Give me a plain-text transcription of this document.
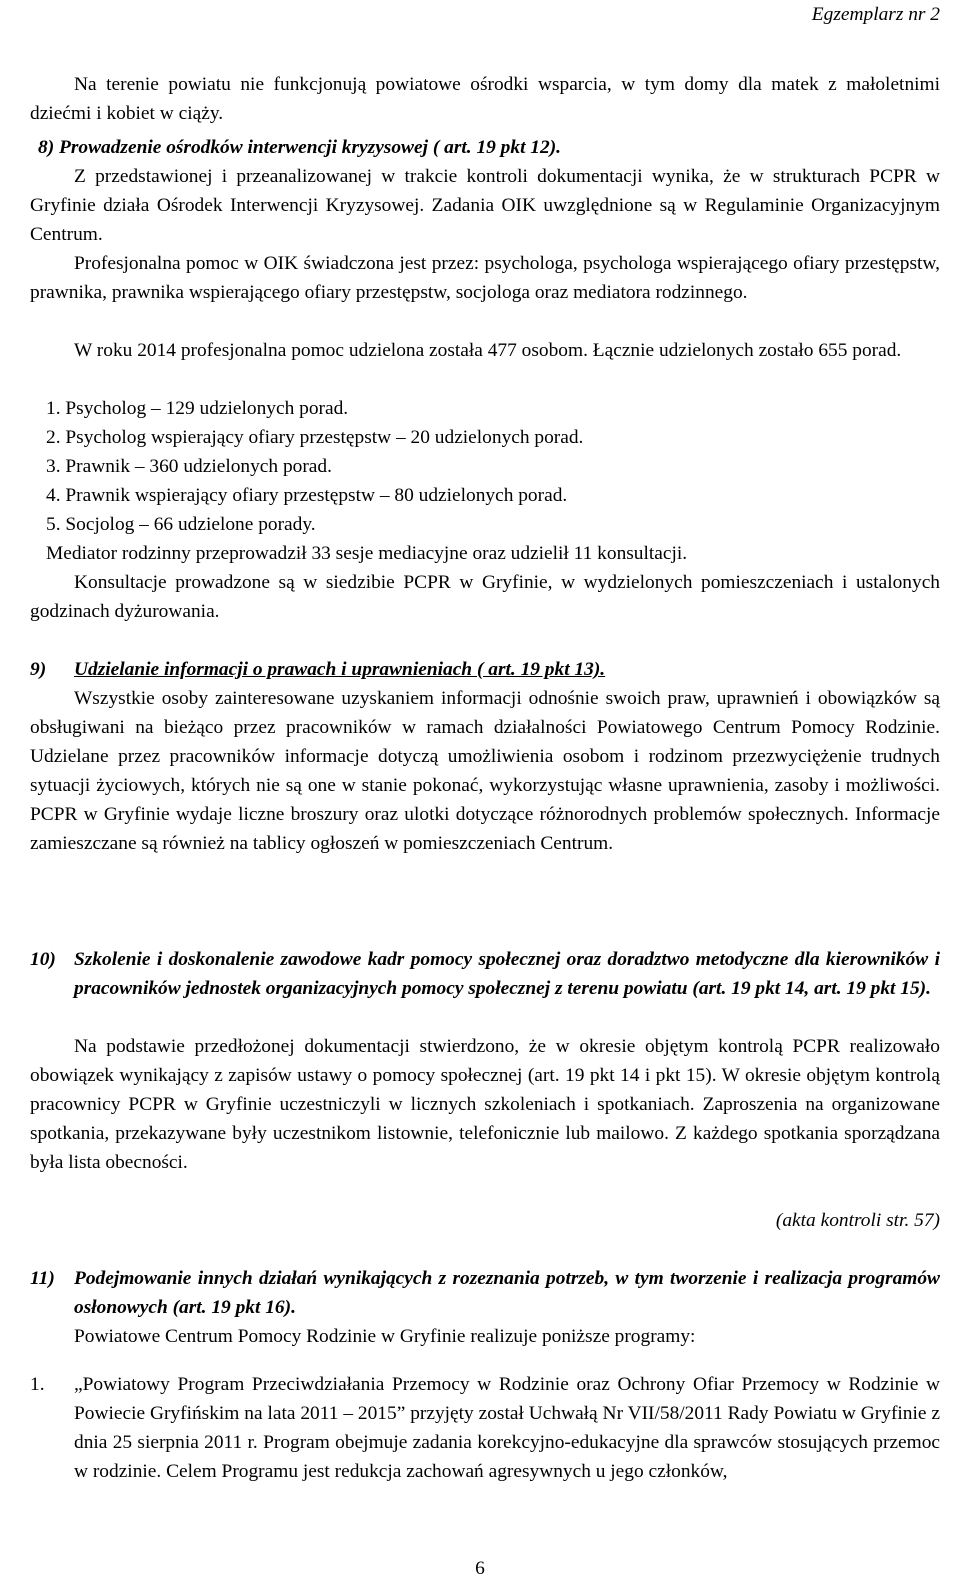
Egzemplarz nr 2

Na terenie powiatu nie funkcjonują powiatowe ośrodki wsparcia, w tym domy dla matek z małoletnimi dziećmi i kobiet w ciąży.

8) Prowadzenie ośrodków interwencji kryzysowej ( art. 19 pkt 12).

Z przedstawionej i przeanalizowanej w trakcie kontroli dokumentacji wynika, że w strukturach PCPR w Gryfinie działa Ośrodek Interwencji Kryzysowej. Zadania OIK uwzględnione są w Regulaminie Organizacyjnym Centrum.

Profesjonalna pomoc w OIK świadczona jest przez: psychologa, psychologa wspierającego ofiary przestępstw, prawnika, prawnika wspierającego ofiary przestępstw, socjologa oraz mediatora rodzinnego.

W roku 2014 profesjonalna pomoc udzielona została 477 osobom. Łącznie udzielonych zostało 655 porad.

1. Psycholog – 129 udzielonych porad.

2. Psycholog wspierający ofiary przestępstw – 20 udzielonych porad.

3. Prawnik – 360 udzielonych porad.

4. Prawnik wspierający ofiary przestępstw – 80 udzielonych porad.

5. Socjolog – 66 udzielone porady.

Mediator rodzinny przeprowadził 33 sesje mediacyjne oraz udzielił 11 konsultacji.

Konsultacje prowadzone są w siedzibie PCPR w Gryfinie, w wydzielonych pomieszczeniach i ustalonych godzinach dyżurowania.

9) Udzielanie informacji o prawach i uprawnieniach ( art. 19 pkt 13).

Wszystkie osoby zainteresowane uzyskaniem informacji odnośnie swoich praw, uprawnień i obowiązków są obsługiwani na bieżąco przez pracowników w ramach działalności Powiatowego Centrum Pomocy Rodzinie. Udzielane przez pracowników informacje dotyczą umożliwienia osobom i rodzinom przezwyciężenie trudnych sytuacji życiowych, których nie są one w stanie pokonać, wykorzystując własne uprawnienia, zasoby i możliwości. PCPR w Gryfinie wydaje liczne broszury oraz ulotki dotyczące różnorodnych problemów społecznych. Informacje zamieszczane są również na tablicy ogłoszeń w pomieszczeniach Centrum.

10) Szkolenie i doskonalenie zawodowe kadr pomocy społecznej oraz doradztwo metodyczne dla kierowników i pracowników jednostek organizacyjnych pomocy społecznej z terenu powiatu (art. 19 pkt 14, art. 19 pkt 15).

Na podstawie przedłożonej dokumentacji stwierdzono, że w okresie objętym kontrolą PCPR realizowało obowiązek wynikający z zapisów ustawy o pomocy społecznej (art. 19 pkt 14 i pkt 15). W okresie objętym kontrolą pracownicy PCPR w Gryfinie uczestniczyli w licznych szkoleniach i spotkaniach. Zaproszenia na organizowane spotkania, przekazywane były uczestnikom listownie, telefonicznie lub mailowo. Z każdego spotkania sporządzana była lista obecności.

(akta kontroli str. 57)

11) Podejmowanie innych działań wynikających z rozeznania potrzeb, w tym tworzenie i realizacja programów osłonowych (art. 19 pkt 16).

Powiatowe Centrum Pomocy Rodzinie w Gryfinie realizuje poniższe programy:

1. „Powiatowy Program Przeciwdziałania Przemocy w Rodzinie oraz Ochrony Ofiar Przemocy w Rodzinie w Powiecie Gryfińskim na lata 2011 – 2015” przyjęty został Uchwałą Nr VII/58/2011 Rady Powiatu w Gryfinie z dnia 25 sierpnia 2011 r. Program obejmuje zadania korekcyjno-edukacyjne dla sprawców stosujących przemoc w rodzinie. Celem Programu jest redukcja zachowań agresywnych u jego członków,

6
